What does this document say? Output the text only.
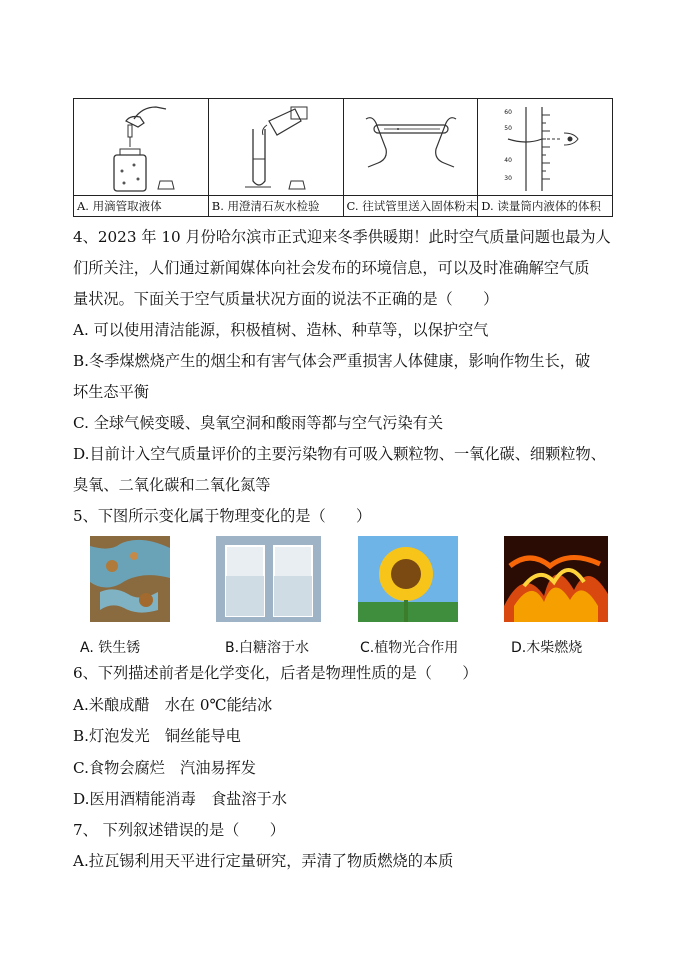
A. 用滴管取液体	B. 用澄清石灰水检验	C. 往试管里送入固体粉末

60
50
40
30
D. 读量筒内液体的体积
4、2023 年 10 月份哈尔滨市正式迎来冬季供暖期！此时空气质量问题也最为人
们所关注，人们通过新闻媒体向社会发布的环境信息，可以及时准确解空气质
量状况。下面关于空气质量状况方面的说法不正确的是（　　）
A. 可以使用清洁能源，积极植树、造林、种草等，以保护空气
B.冬季煤燃烧产生的烟尘和有害气体会严重损害人体健康，影响作物生长，破
坏生态平衡
C. 全球气候变暖、臭氧空洞和酸雨等都与空气污染有关
D.目前计入空气质量评价的主要污染物有可吸入颗粒物、一氧化碳、细颗粒物、
臭氧、二氧化碳和二氧化氮等
5、下图所示变化属于物理变化的是（　　）
A. 铁生锈	B.白糖溶于水	C.植物光合作用	D.木柴燃烧
6、下列描述前者是化学变化，后者是物理性质的是（　　）
A.米酿成醋　水在 0℃能结冰
B.灯泡发光　铜丝能导电
C.食物会腐烂　汽油易挥发
D.医用酒精能消毒　食盐溶于水
7、 下列叙述错误的是（　　）
A.拉瓦锡利用天平进行定量研究，弄清了物质燃烧的本质
